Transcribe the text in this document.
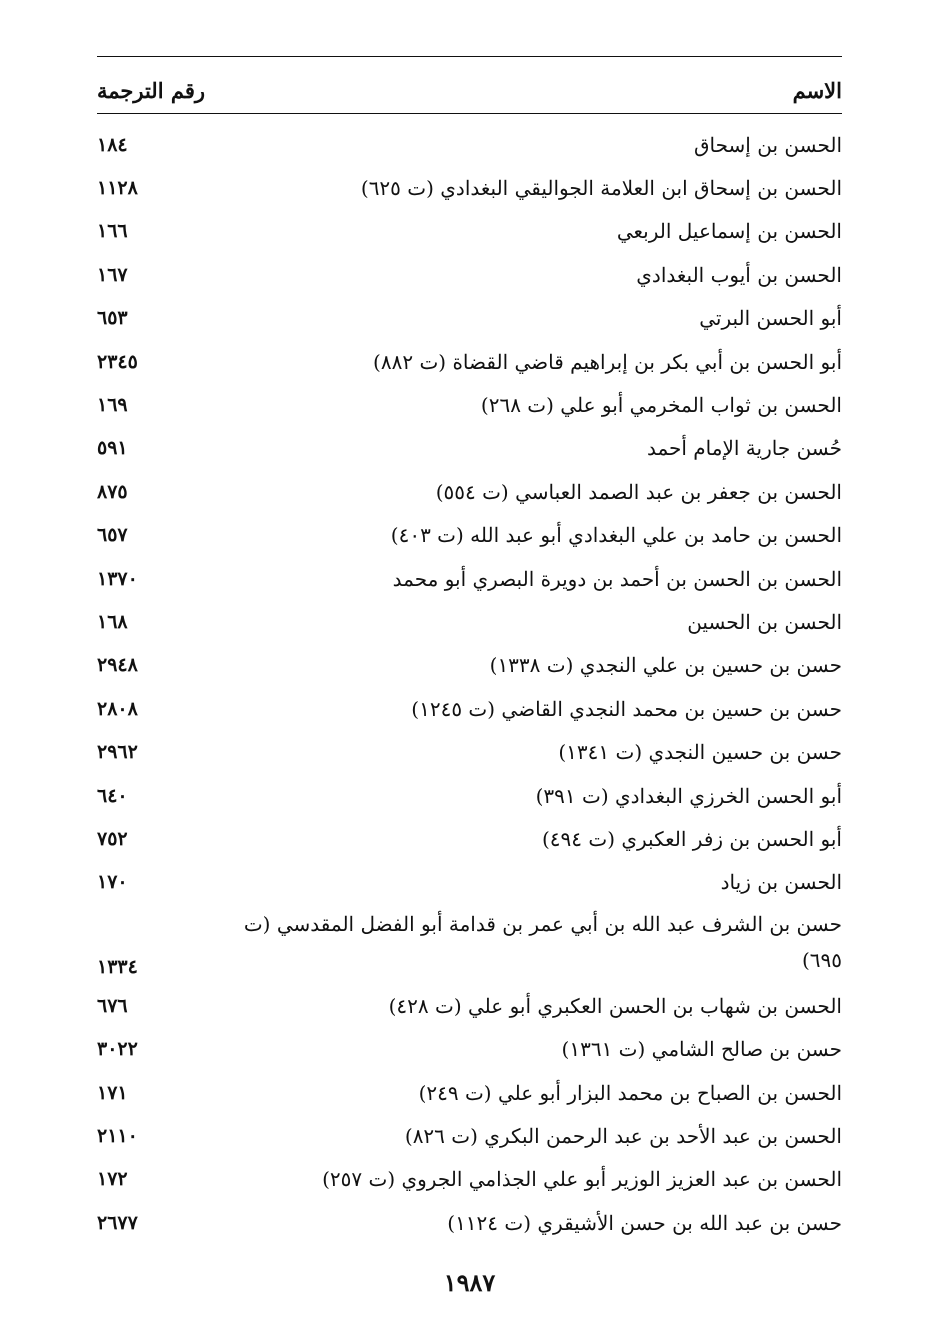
الاسم
رقم الترجمة
الحسن بن إسحاق
١٨٤
الحسن بن إسحاق ابن العلامة الجواليقي البغدادي (ت ٦٢٥)
١١٢٨
الحسن بن إسماعيل الربعي
١٦٦
الحسن بن أيوب البغدادي
١٦٧
أبو الحسن البرتي
٦٥٣
أبو الحسن بن أبي بكر بن إبراهيم قاضي القضاة (ت ٨٨٢)
٢٣٤٥
الحسن بن ثواب المخرمي أبو علي (ت ٢٦٨)
١٦٩
حُسن جارية الإمام أحمد
٥٩١
الحسن بن جعفر بن عبد الصمد العباسي (ت ٥٥٤)
٨٧٥
الحسن بن حامد بن علي البغدادي أبو عبد الله (ت ٤٠٣)
٦٥٧
الحسن بن الحسن بن أحمد بن دويرة البصري أبو محمد
١٣٧٠
الحسن بن الحسين
١٦٨
حسن بن حسين بن علي النجدي (ت ١٣٣٨)
٢٩٤٨
حسن بن حسين بن محمد النجدي القاضي (ت ١٢٤٥)
٢٨٠٨
حسن بن حسين النجدي (ت ١٣٤١)
٢٩٦٢
أبو الحسن الخرزي البغدادي (ت ٣٩١)
٦٤٠
أبو الحسن بن زفر العكبري (ت ٤٩٤)
٧٥٢
الحسن بن زياد
١٧٠
حسن بن الشرف عبد الله بن أبي عمر بن قدامة أبو الفضل المقدسي (ت ٦٩٥)
١٣٣٤
الحسن بن شهاب بن الحسن العكبري أبو علي (ت ٤٢٨)
٦٧٦
حسن بن صالح الشامي (ت ١٣٦١)
٣٠٢٢
الحسن بن الصباح بن محمد البزار أبو علي (ت ٢٤٩)
١٧١
الحسن بن عبد الأحد بن عبد الرحمن البكري (ت ٨٢٦)
٢١١٠
الحسن بن عبد العزيز الوزير أبو علي الجذامي الجروي (ت ٢٥٧)
١٧٢
حسن بن عبد الله بن حسن الأشيقري (ت ١١٢٤)
٢٦٧٧
١٩٨٧
